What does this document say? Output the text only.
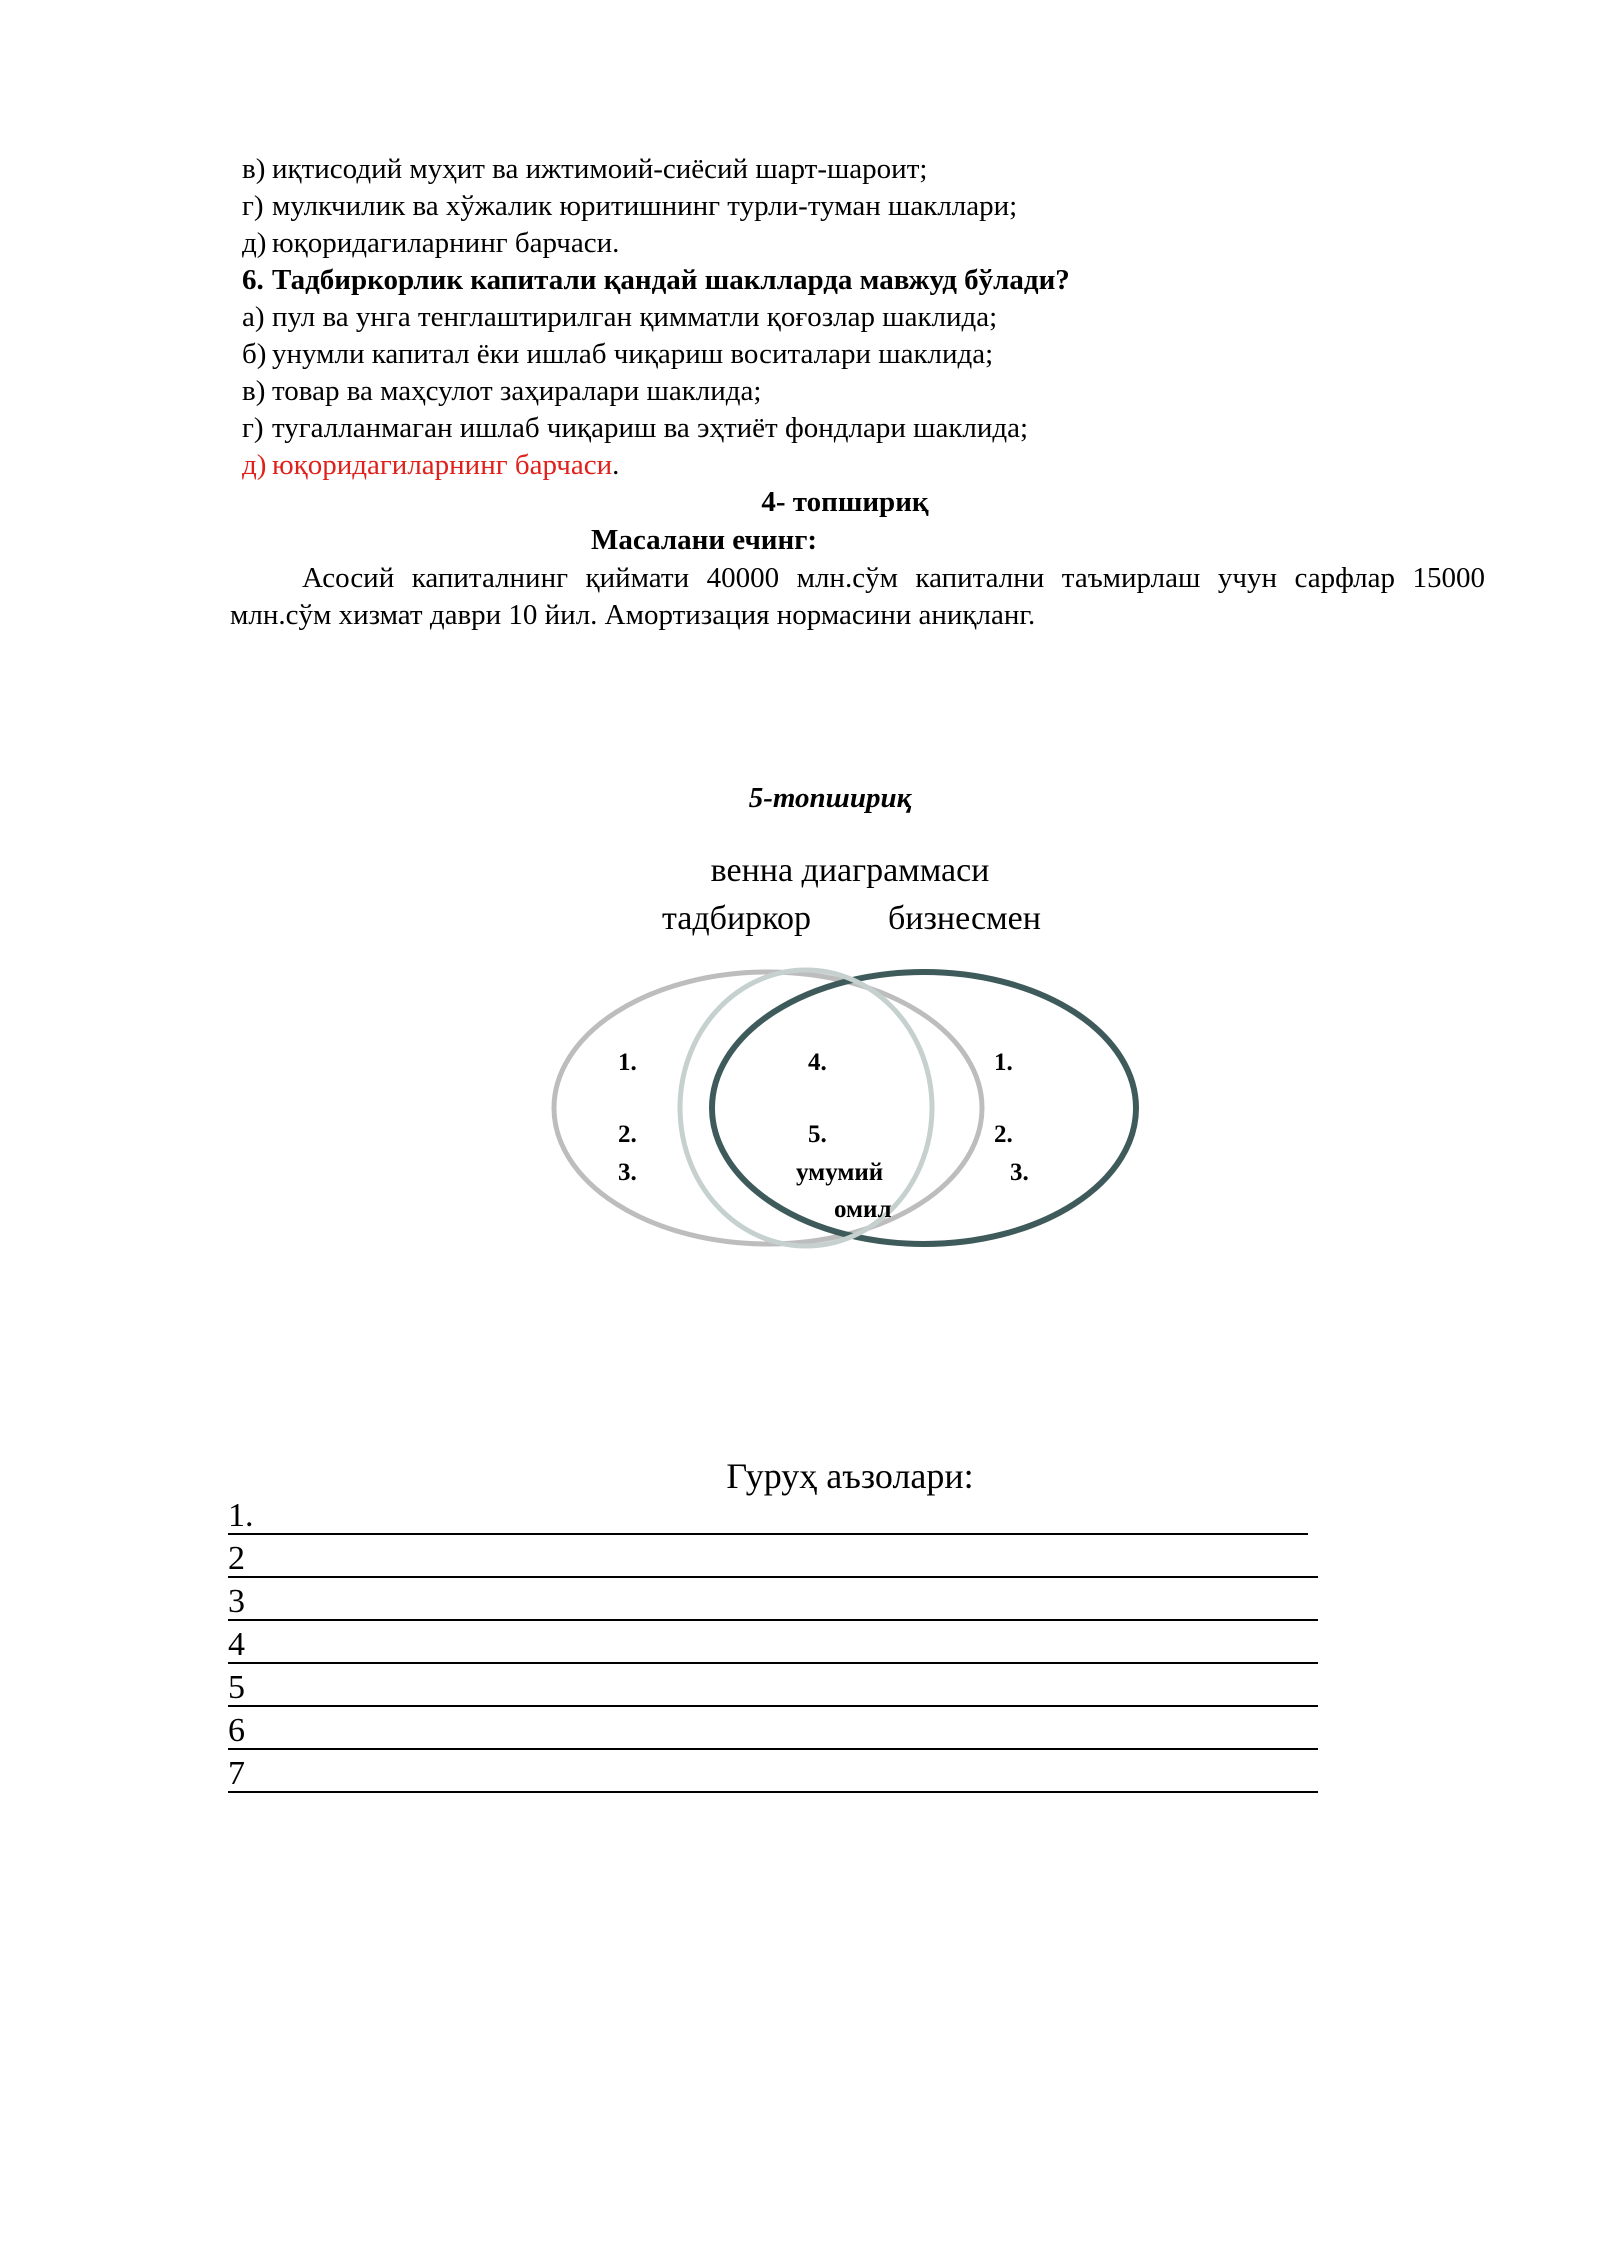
в) иқтисодий муҳит ва ижтимоий-сиёсий шарт-шароит;
г) мулкчилик ва хўжалик юритишнинг турли-туман шакллари;
д) юқоридагиларнинг барчаси.
6. Тадбиркорлик капитали қандай шаклларда мавжуд бўлади?
а) пул ва унга тенглаштирилган қимматли қоғозлар шаклида;
б) унумли капитал ёки ишлаб чиқариш воситалари шаклида;
в) товар ва маҳсулот заҳиралари шаклида;
г) тугалланмаган ишлаб чиқариш ва эҳтиёт фондлари шаклида;
д) юқоридагиларнинг барчаси .
4- топшириқ
Масалани ечинг:
Асосий капиталнинг қиймати 40000 млн.сўм капитални таъмирлаш учун сарфлар 15000 млн.сўм хизмат даври 10 йил. Амортизация нормасини аниқланг.
5-топшириқ
венна диаграммаси
тадбиркор бизнесмен
1.
2.
3.
4.
5.
умумий
омил
1.
2.
3.
Гуруҳ аъзолари:
1.
2
3
4
5
6
7
